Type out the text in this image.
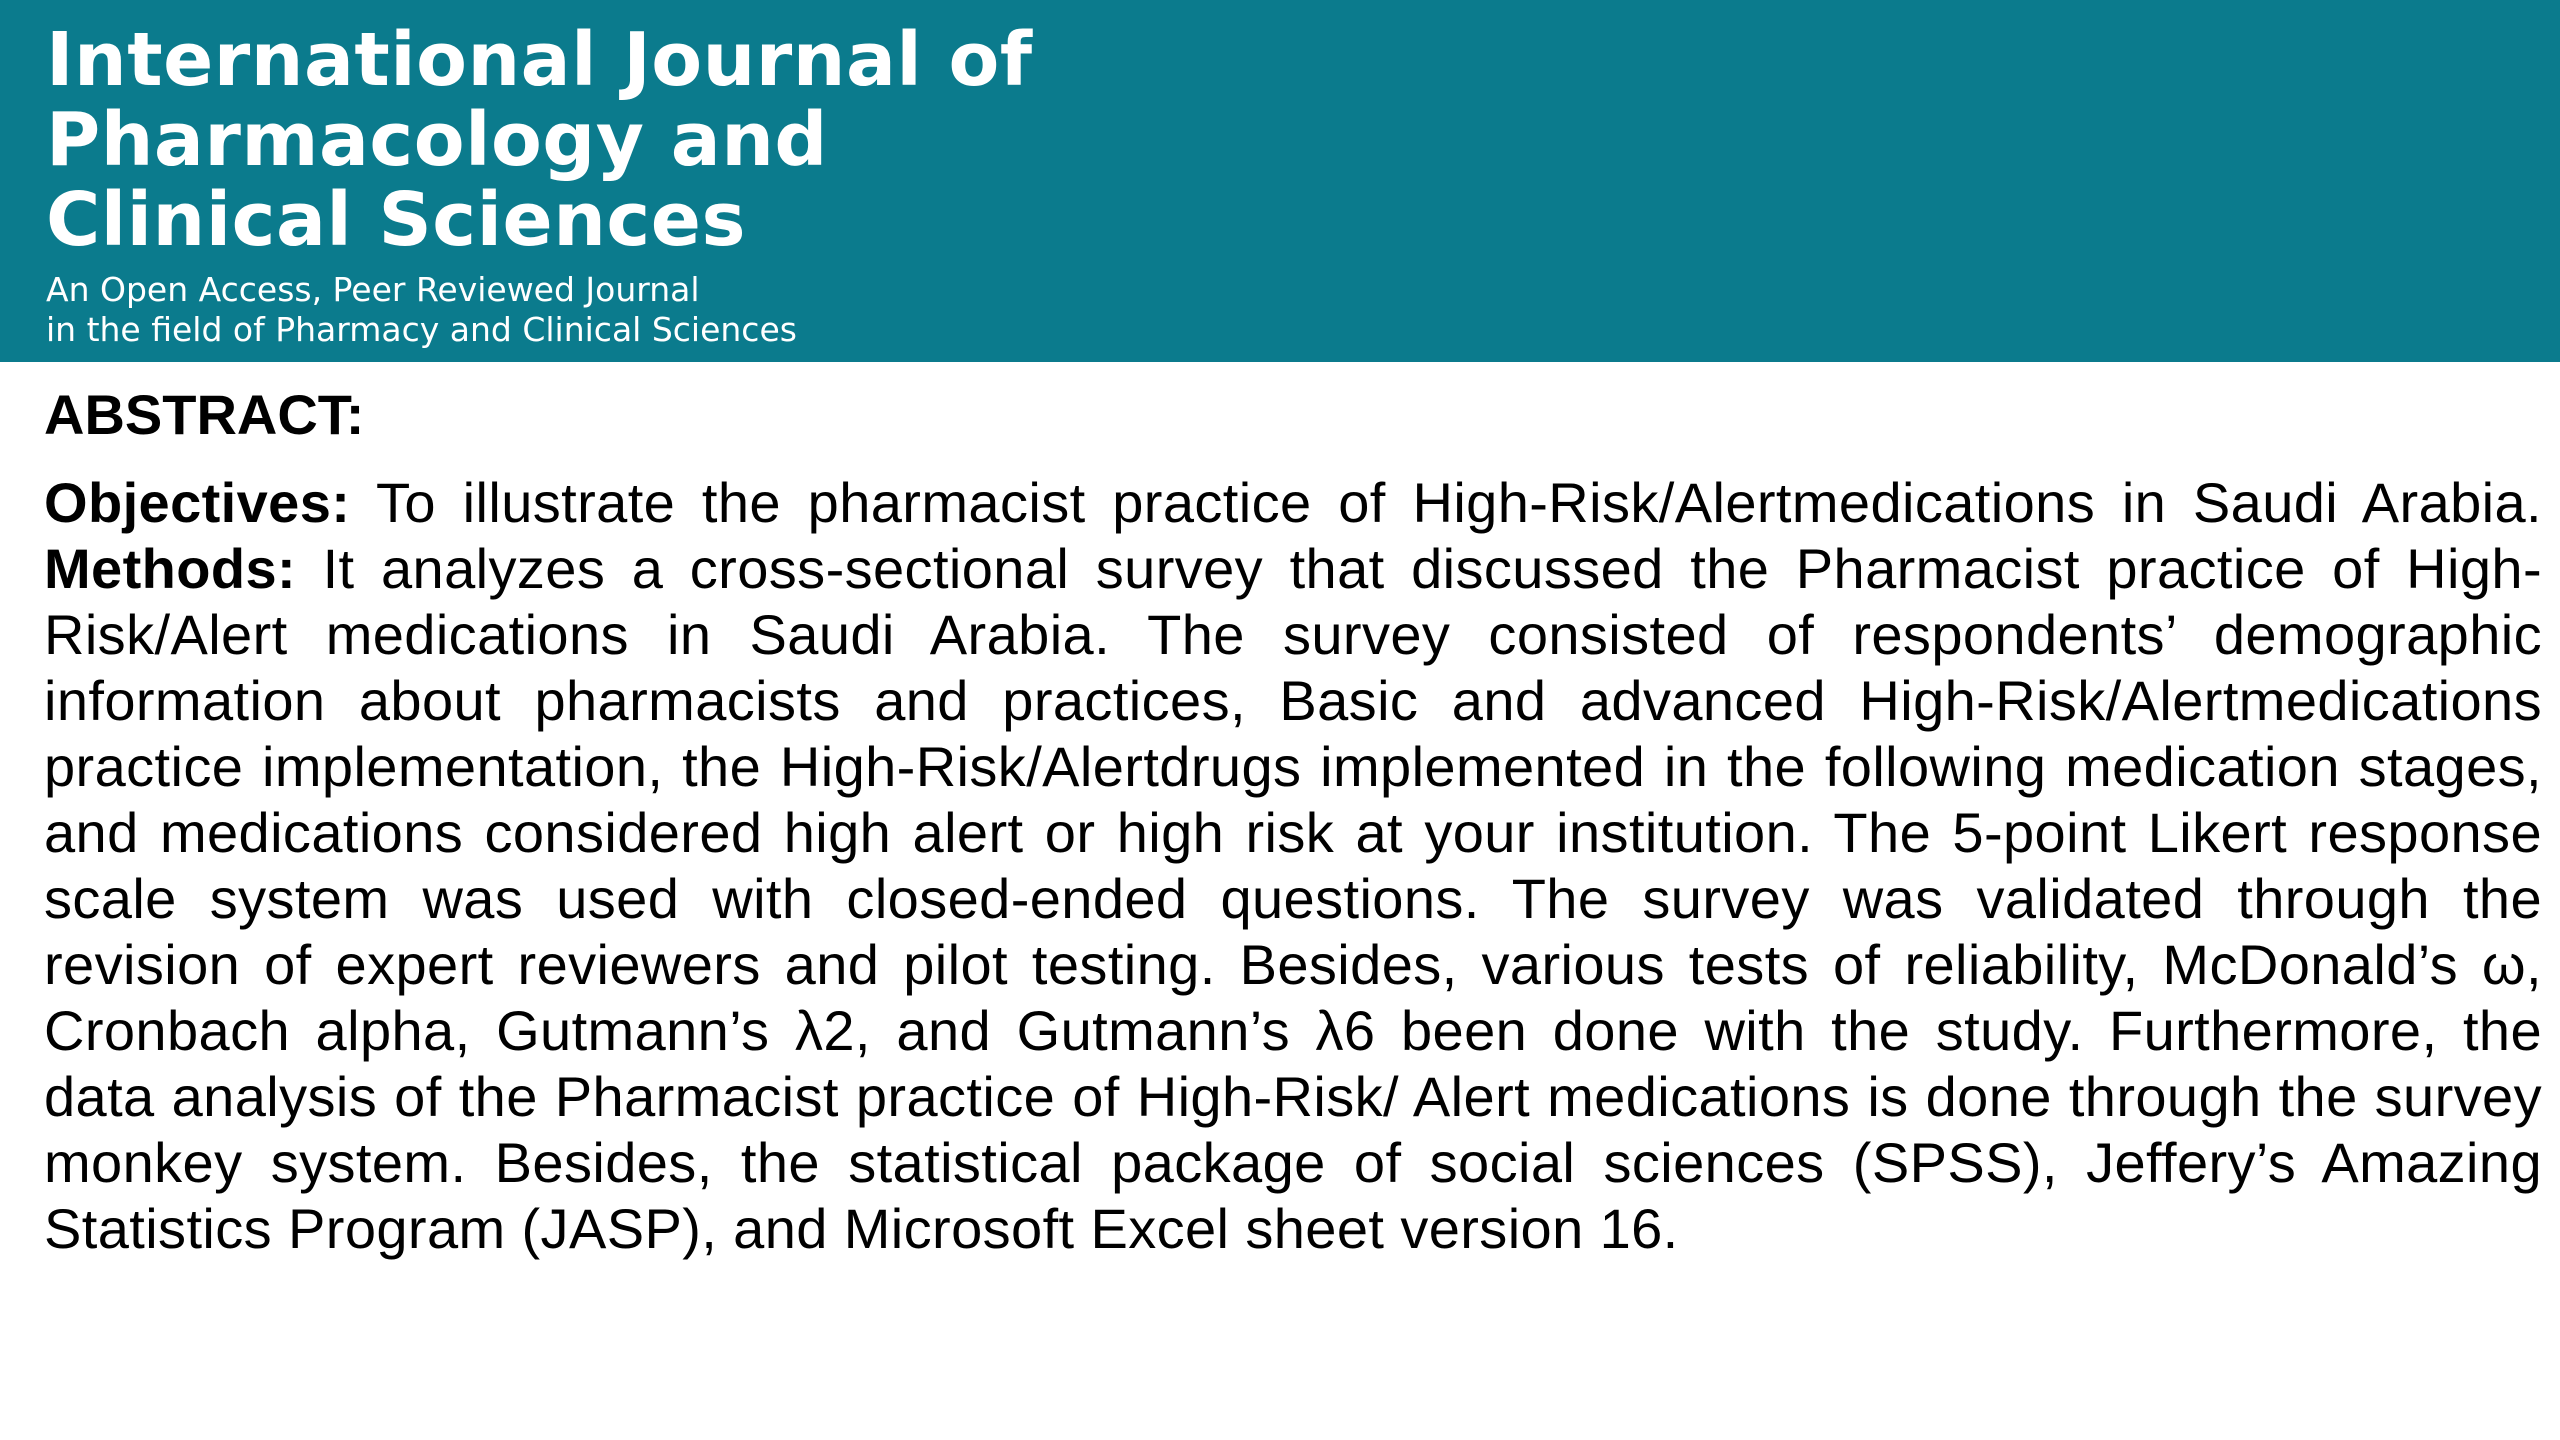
International Journal of
Pharmacology and
Clinical Sciences

An Open Access, Peer Reviewed Journal
in the field of Pharmacy and Clinical Sciences

ABSTRACT:

Objectives: To illustrate the pharmacist practice of High-Risk/Alertmedications in Saudi Arabia. Methods: It analyzes a cross-sectional survey that discussed the Pharmacist practice of High-Risk/Alert medications in Saudi Arabia. The survey consisted of respondents’ demographic information about pharmacists and practices, Basic and advanced High-Risk/Alertmedications practice implementation, the High-Risk/Alertdrugs implemented in the following medication stages, and medications considered high alert or high risk at your institution. The 5-point Likert response scale system was used with closed-ended questions. The survey was validated through the revision of expert reviewers and pilot testing. Besides, various tests of reliability, McDonald’s ω, Cronbach alpha, Gutmann’s λ2, and Gutmann’s λ6 been done with the study. Furthermore, the data analysis of the Pharmacist practice of High-Risk/ Alert medications is done through the survey monkey system. Besides, the statistical package of social sciences (SPSS), Jeffery’s Amazing Statistics Program (JASP), and Microsoft Excel sheet version 16.
